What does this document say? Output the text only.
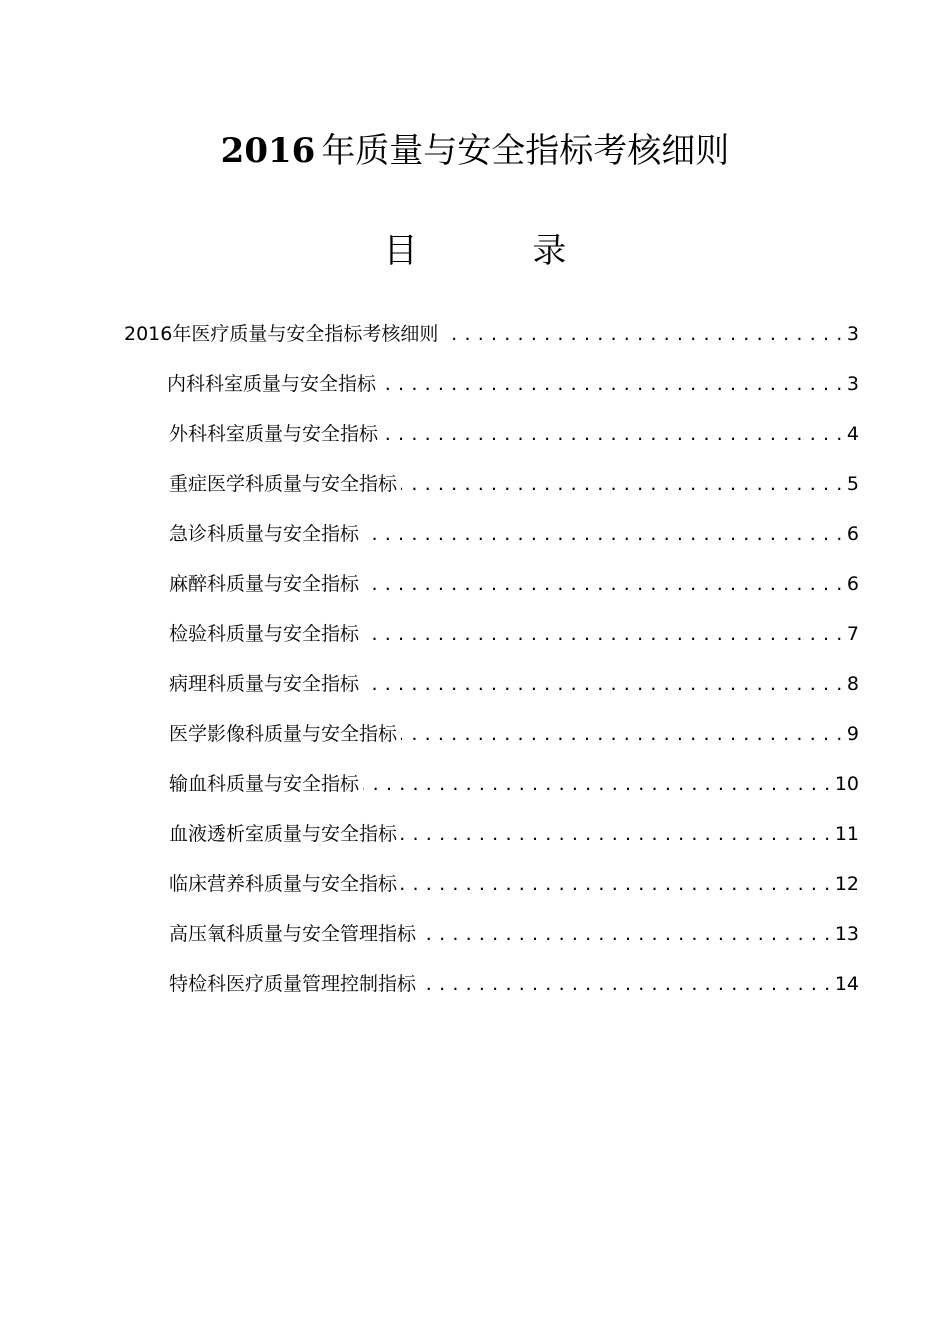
2016 年质量与安全指标考核细则
目 录
2016年医疗质量与安全指标考核细则 . . .	3
内科科室质量与安全指标 . . .	3
外科科室质量与安全指标 . . .	4
重症医学科质量与安全指标 . . .	5
急诊科质量与安全指标 . . .	6
麻醉科质量与安全指标 . . .	6
检验科质量与安全指标 . . .	7
病理科质量与安全指标 . . .	8
医学影像科质量与安全指标 . . .	9
输血科质量与安全指标 . . .	10
血液透析室质量与安全指标 . . .	11
临床营养科质量与安全指标 . . .	12
高压氧科质量与安全管理指标 . . .	13
特检科医疗质量管理控制指标 . . .	14
